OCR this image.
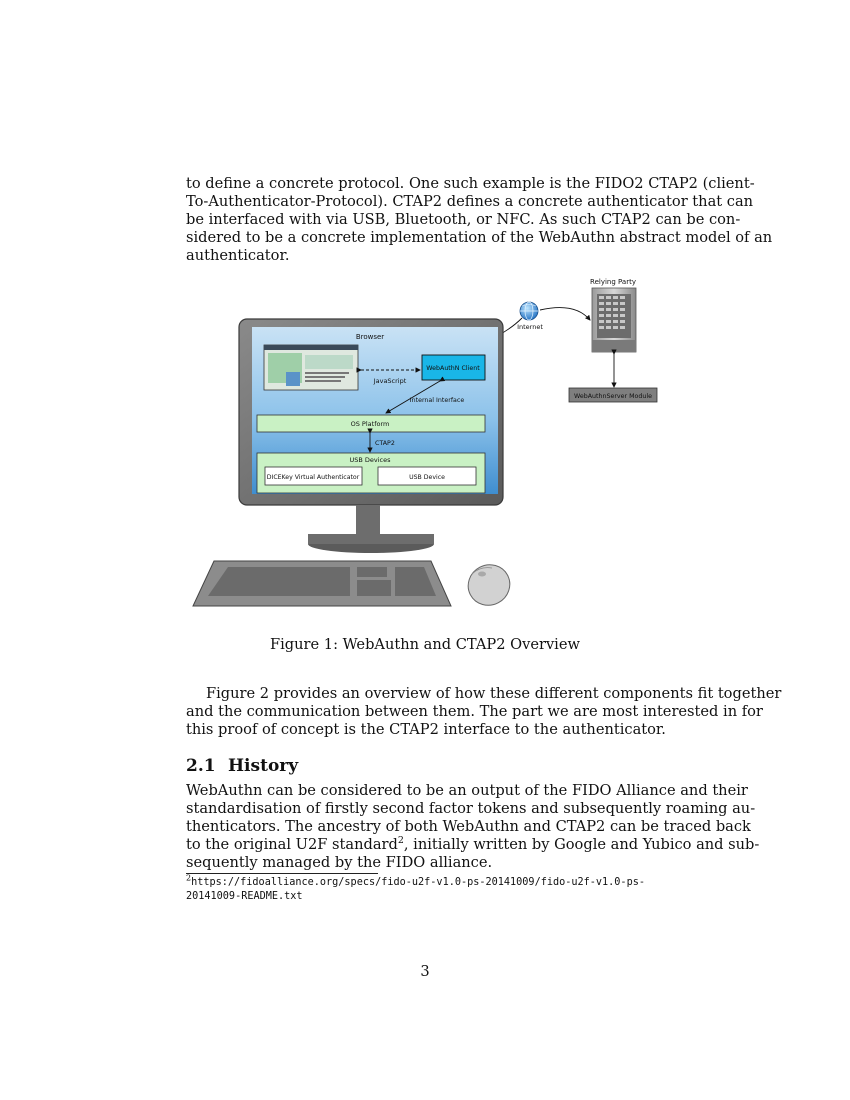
to define a concrete protocol. One such example is the FIDO2 CTAP2 (client-
To-Authenticator-Protocol). CTAP2 defines a concrete authenticator that can
be interfaced with via USB, Bluetooth, or NFC. As such CTAP2 can be con-
sidered to be a concrete implementation of the WebAuthn abstract model of an
authenticator.

Relying Party
WebAuthnServer Module
Internet
Browser
JavaScript
WebAuthN Client
Internal Interface
OS Platform
CTAP2
USB Devices
DICEKey Virtual Authenticator	USB Device
Figure 1: WebAuthn and CTAP2 Overview

Figure 2 provides an overview of how these different components fit together
and the communication between them. The part we are most interested in for
this proof of concept is the CTAP2 interface to the authenticator.

2.1 History

WebAuthn can be considered to be an output of the FIDO Alliance and their
standardisation of firstly second factor tokens and subsequently roaming au-
thenticators. The ancestry of both WebAuthn and CTAP2 can be traced back
to the original U2F standard$^2$, initially written by Google and Yubico and sub-
sequently managed by the FIDO alliance.

$^2$https://fidoalliance.org/specs/fido-u2f-v1.0-ps-20141009/fido-u2f-v1.0-ps-
20141009-README.txt
3
